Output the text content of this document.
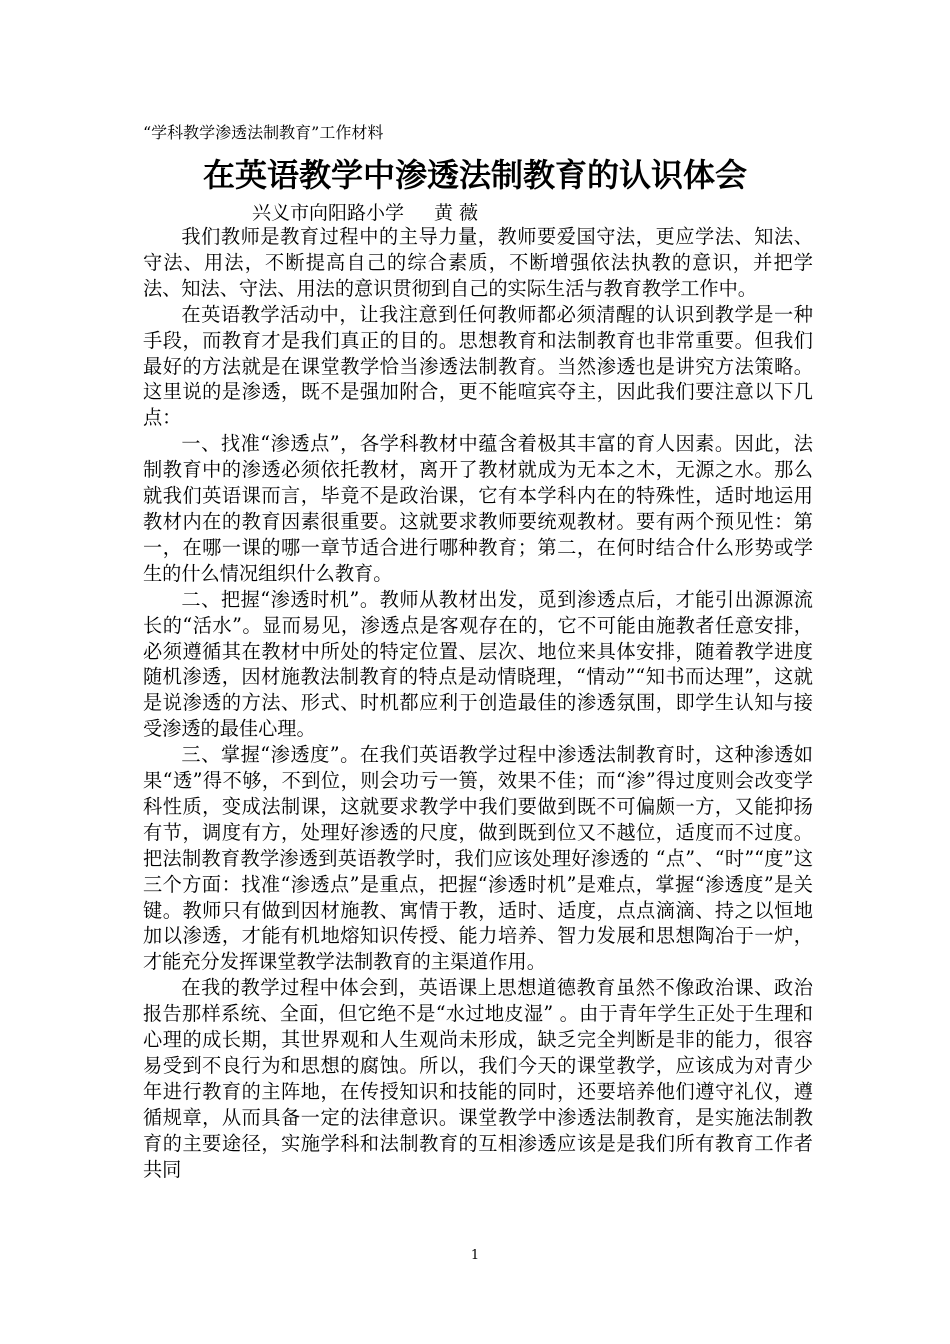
“学科教学渗透法制教育”工作材料
在英语教学中渗透法制教育的认识体会
兴义市向阳路小学 黄 薇

我们教师是教育过程中的主导力量，教师要爱国守法，更应学法、知法、守法、用法，不断提高自己的综合素质，不断增强依法执教的意识，并把学法、知法、守法、用法的意识贯彻到自己的实际生活与教育教学工作中。

在英语教学活动中，让我注意到任何教师都必须清醒的认识到教学是一种手段，而教育才是我们真正的目的。思想教育和法制教育也非常重要。但我们最好的方法就是在课堂教学恰当渗透法制教育。当然渗透也是讲究方法策略。这里说的是渗透，既不是强加附合，更不能喧宾夺主，因此我们要注意以下几点：

一、找准“渗透点”，各学科教材中蕴含着极其丰富的育人因素。因此，法制教育中的渗透必须依托教材，离开了教材就成为无本之木，无源之水。那么就我们英语课而言，毕竟不是政治课，它有本学科内在的特殊性，适时地运用教材内在的教育因素很重要。这就要求教师要统观教材。要有两个预见性：第一，在哪一课的哪一章节适合进行哪种教育；第二，在何时结合什么形势或学生的什么情况组织什么教育。

二、把握“渗透时机”。教师从教材出发，觅到渗透点后，才能引出源源流长的“活水”。显而易见，渗透点是客观存在的，它不可能由施教者任意安排，必须遵循其在教材中所处的特定位置、层次、地位来具体安排，随着教学进度随机渗透，因材施教法制教育的特点是动情晓理，“情动”“知书而达理”，这就是说渗透的方法、形式、时机都应利于创造最佳的渗透氛围，即学生认知与接受渗透的最佳心理。

三、掌握“渗透度”。在我们英语教学过程中渗透法制教育时，这种渗透如果“透”得不够，不到位，则会功亏一篑，效果不佳；而“渗”得过度则会改变学科性质，变成法制课，这就要求教学中我们要做到既不可偏颇一方，又能抑扬有节，调度有方，处理好渗透的尺度，做到既到位又不越位，适度而不过度。把法制教育教学渗透到英语教学时，我们应该处理好渗透的 “点”、“时”“度”这三个方面：找准“渗透点”是重点，把握“渗透时机”是难点，掌握“渗透度”是关键。教师只有做到因材施教、寓情于教，适时、适度，点点滴滴、持之以恒地加以渗透，才能有机地熔知识传授、能力培养、智力发展和思想陶冶于一炉，才能充分发挥课堂教学法制教育的主渠道作用。

在我的教学过程中体会到，英语课上思想道德教育虽然不像政治课、政治报告那样系统、全面，但它绝不是“水过地皮湿” 。由于青年学生正处于生理和心理的成长期，其世界观和人生观尚未形成，缺乏完全判断是非的能力，很容易受到不良行为和思想的腐蚀。所以，我们今天的课堂教学，应该成为对青少年进行教育的主阵地，在传授知识和技能的同时，还要培养他们遵守礼仪，遵循规章，从而具备一定的法律意识。课堂教学中渗透法制教育，是实施法制教育的主要途径，实施学科和法制教育的互相渗透应该是是我们所有教育工作者共同

1
